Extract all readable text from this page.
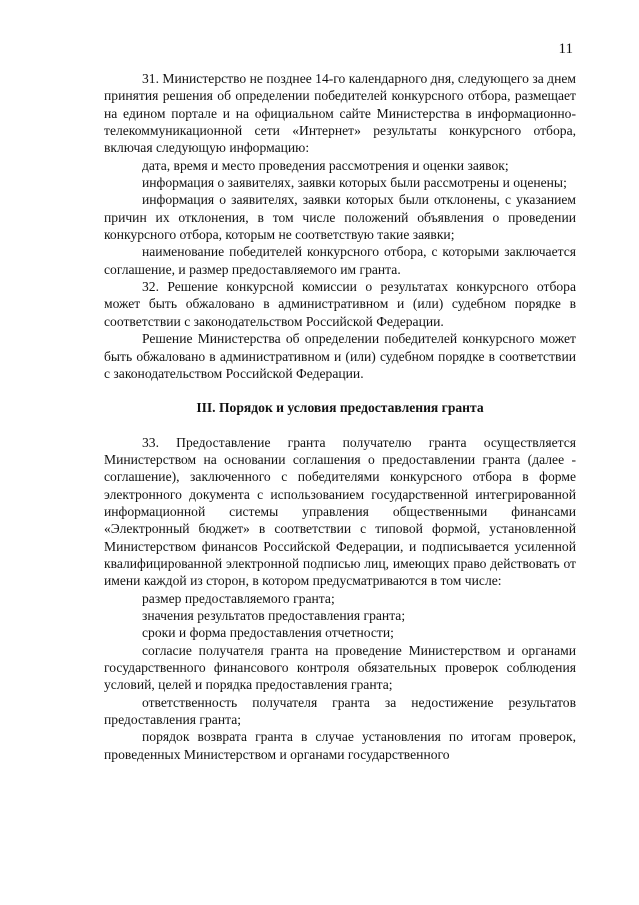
11

31. Министерство не позднее 14-го календарного дня, следующего за днем принятия решения об определении победителей конкурсного отбора, размещает на едином портале и на официальном сайте Министерства в информационно-телекоммуникационной сети «Интернет» результаты конкурсного отбора, включая следующую информацию:

дата, время и место проведения рассмотрения и оценки заявок;

информация о заявителях, заявки которых были рассмотрены и оценены;

информация о заявителях, заявки которых были отклонены, с указанием причин их отклонения, в том числе положений объявления о проведении конкурсного отбора, которым не соответствую такие заявки;

наименование победителей конкурсного отбора, с которыми заключается соглашение, и размер предоставляемого им гранта.

32. Решение конкурсной комиссии о результатах конкурсного отбора может быть обжаловано в административном и (или) судебном порядке в соответствии с законодательством Российской Федерации.

Решение Министерства об определении победителей конкурсного может быть обжаловано в административном и (или) судебном порядке в соответствии с законодательством Российской Федерации.

III. Порядок и условия предоставления гранта

33. Предоставление гранта получателю гранта осуществляется Министерством на основании соглашения о предоставлении гранта (далее - соглашение), заключенного с победителями конкурсного отбора в форме электронного документа с использованием государственной интегрированной информационной системы управления общественными финансами «Электронный бюджет» в соответствии с типовой формой, установленной Министерством финансов Российской Федерации, и подписывается усиленной квалифицированной электронной подписью лиц, имеющих право действовать от имени каждой из сторон, в котором предусматриваются в том числе:

размер предоставляемого гранта;

значения результатов предоставления гранта;

сроки и форма предоставления отчетности;

согласие получателя гранта на проведение Министерством и органами государственного финансового контроля обязательных проверок соблюдения условий, целей и порядка предоставления гранта;

ответственность получателя гранта за недостижение результатов предоставления гранта;

порядок возврата гранта в случае установления по итогам проверок, проведенных Министерством и органами государственного
